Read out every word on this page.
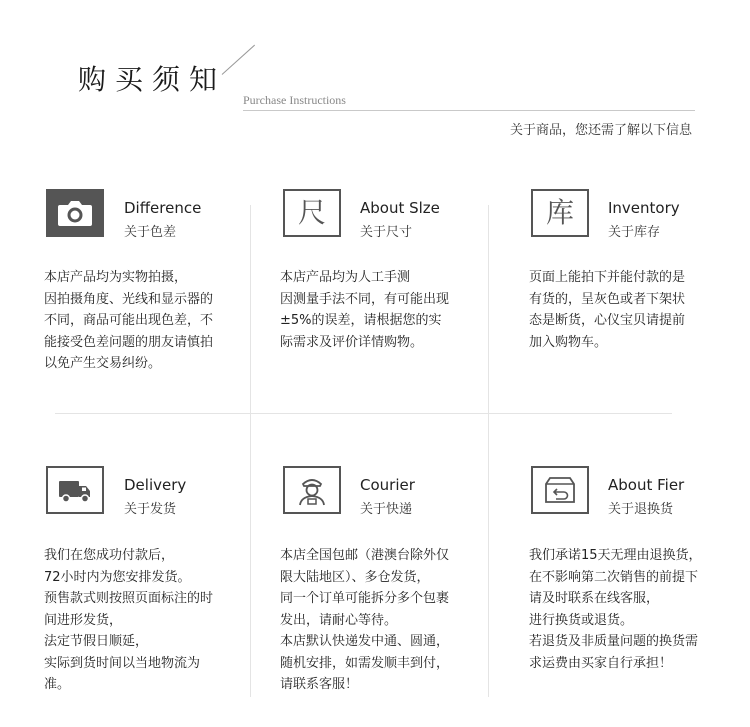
购买须知
Purchase Instructions
关于商品，您还需了解以下信息
Difference
关于色差
本店产品均为实物拍摄，
因拍摄角度、光线和显示器的
不同，商品可能出现色差，不
能接受色差问题的朋友请慎拍
以免产生交易纠纷。
尺 About Slze
关于尺寸
本店产品均为人工手测
因测量手法不同，有可能出现
±5%的误差，请根据您的实
际需求及评价详情购物。
库 Inventory
关于库存
页面上能拍下并能付款的是
有货的，呈灰色或者下架状
态是断货，心仪宝贝请提前
加入购物车。
Delivery
关于发货
我们在您成功付款后，
72小时内为您安排发货。
预售款式则按照页面标注的时
间进形发货，
法定节假日顺延，
实际到货时间以当地物流为
准。
Courier
关于快递
本店全国包邮（港澳台除外仅
限大陆地区）、多仓发货，
同一个订单可能拆分多个包裹
发出，请耐心等待。
本店默认快递发中通、圆通，
随机安排，如需发顺丰到付，
请联系客服！
About Fier
关于退换货
我们承诺15天无理由退换货，
在不影响第二次销售的前提下
请及时联系在线客服，
进行换货或退货。
若退货及非质量问题的换货需
求运费由买家自行承担！
